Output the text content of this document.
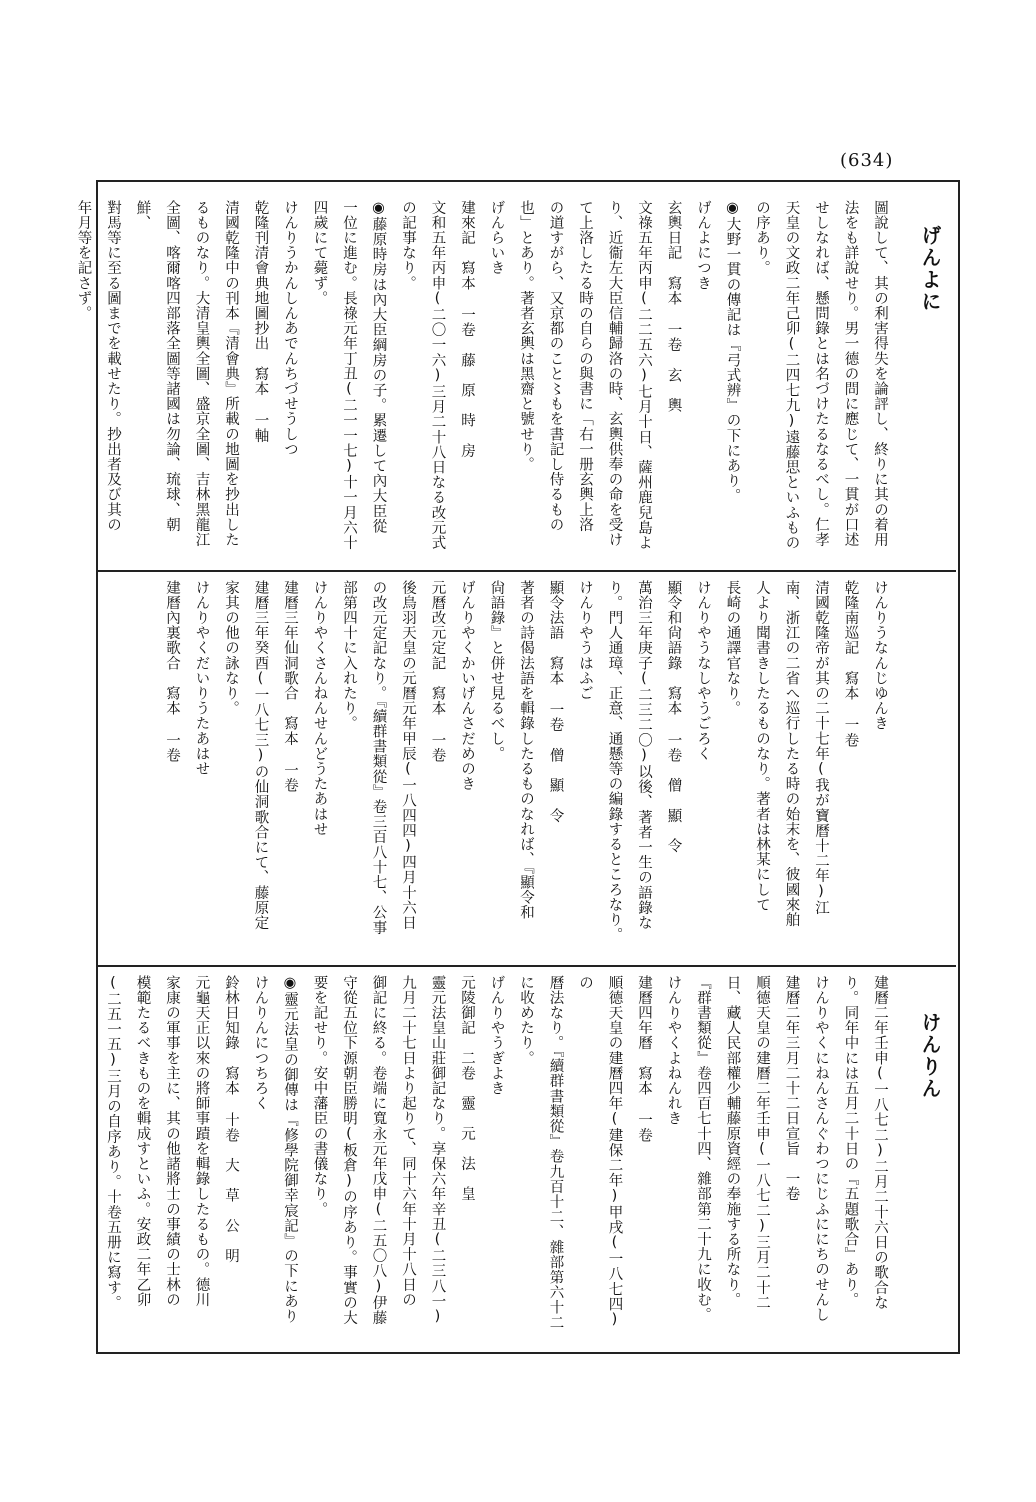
(634)
げんよに
けんりん
圖說して、其の利害得失を論評し、終りに其の着用
法をも詳說せり。男一德の問に應じて、一貫が口述
せしなれば、懸問錄とは名づけたるなるべし。仁孝
天皇の文政二年己卯(二四七九)遠藤思といふもの
の序あり。
◉大野一貫の傳記は『弓式辨』の下にあり。
げんよにつき
玄輿日記　寫本 一卷　玄　輿
文祿五年丙申(二二五六)七月十日、薩州鹿兒島よ
り、近衞左大臣信輔歸洛の時、玄輿供奉の命を受け
て上洛したる時の自らの與書に「右一册玄輿上洛
の道すがら、又京都のこと〻もを書記し侍るもの
也」とあり。著者玄輿は黑齋と號せり。
げんらいき
建來記　寫本 一卷　藤　原　時　房
文和五年丙申(二〇一六)三月二十八日なる改元式
の記事なり。
◉藤原時房は內大臣綱房の子。累遷して內大臣從
一位に進む。長祿元年丁丑(二一一七)十一月六十
四歲にて薨ず。
けんりうかんしんあでんちづせうしつ
乾隆刊清會典地圖抄出　寫本 一軸
清國乾隆中の刊本『清會典』所載の地圖を抄出した
るものなり。大清皇輿全圖、盛京全圖、吉林黑龍江
全圖、喀爾喀四部落全圖等諸國は勿論、琉球、朝鮮、
對馬等に至る圖までを載せたり。抄出者及び其の
年月等を記さず。
けんりうなんじゆんき
乾隆南巡記　寫本 一卷
清國乾隆帝が其の二十七年(我が寶曆十二年)江
南、浙江の二省へ巡行したる時の始末を、彼國來舶
人より聞書きしたるものなり。著者は林某にして
長崎の通譯官なり。
けんりやうなしやうごろく
顯令和尙語錄　寫本 一卷　僧　顯　令
萬治三年庚子(二三二〇)以後、著者一生の語錄な
り。門人通璋、正意、通懸等の編錄するところなり。
けんりやうはふご
顯令法語　寫本 一卷　僧　顯　令
著者の詩偈法語を輯錄したるものなれば、『顯令和
尙語錄』と併せ見るべし。
げんりやくかいげんさだめのき
元曆改元定記　寫本 一卷
後鳥羽天皇の元曆元年甲辰(一八四四)四月十六日
の改元定記なり。『續群書類從』卷三百八十七、公事
部第四十に入れたり。
けんりやくさんねんせんどうたあはせ
建曆三年仙洞歌合　寫本 一卷
建曆三年癸酉(一八七三)の仙洞歌合にて、藤原定
家其の他の詠なり。
けんりやくだいりうたあはせ
建曆內裏歌合　寫本 一卷
建曆二年壬申(一八七二)二月二十六日の歌合な
り。同年中には五月二十日の『五題歌合』あり。
けんりやくにねんさんぐわつにじふににちのせんし
建曆二年三月二十二日宣旨　一卷
順德天皇の建曆二年壬申(一八七二)三月二十二
日、藏人民部權少輔藤原資經の奉施する所なり。
『群書類從』卷四百七十四、雜部第二十九に收む。
けんりやくよねんれき
建曆四年曆　寫本 一卷
順德天皇の建曆四年(建保二年)甲戌(一八七四)の
曆法なり。『續群書類從』卷九百十二、雜部第六十二
に收めたり。
げんりやうぎよき
元陵御記　二卷　靈　元　法　皇
靈元法皇山莊御記なり。享保六年辛丑(二三八一)
九月二十七日より起りて、同十六年十月十八日の
御記に終る。卷端に寬永元年戊申(二五〇八)伊藤
守從五位下源朝臣勝明(板倉)の序あり。事實の大
要を記せり。安中藩臣の書儀なり。
◉靈元法皇の御傳は『修學院御幸宸記』の下にあり
けんりんにつちろく
鈴林日知錄　寫本 十卷　大　草　公　明
元龜天正以來の將師事蹟を輯錄したるもの。德川
家康の軍事を主に、其の他諸將士の事績の士林の
模範たるべきものを輯成すといふ。安政二年乙卯
(二五一五)三月の自序あり。十卷五册に寫す。
